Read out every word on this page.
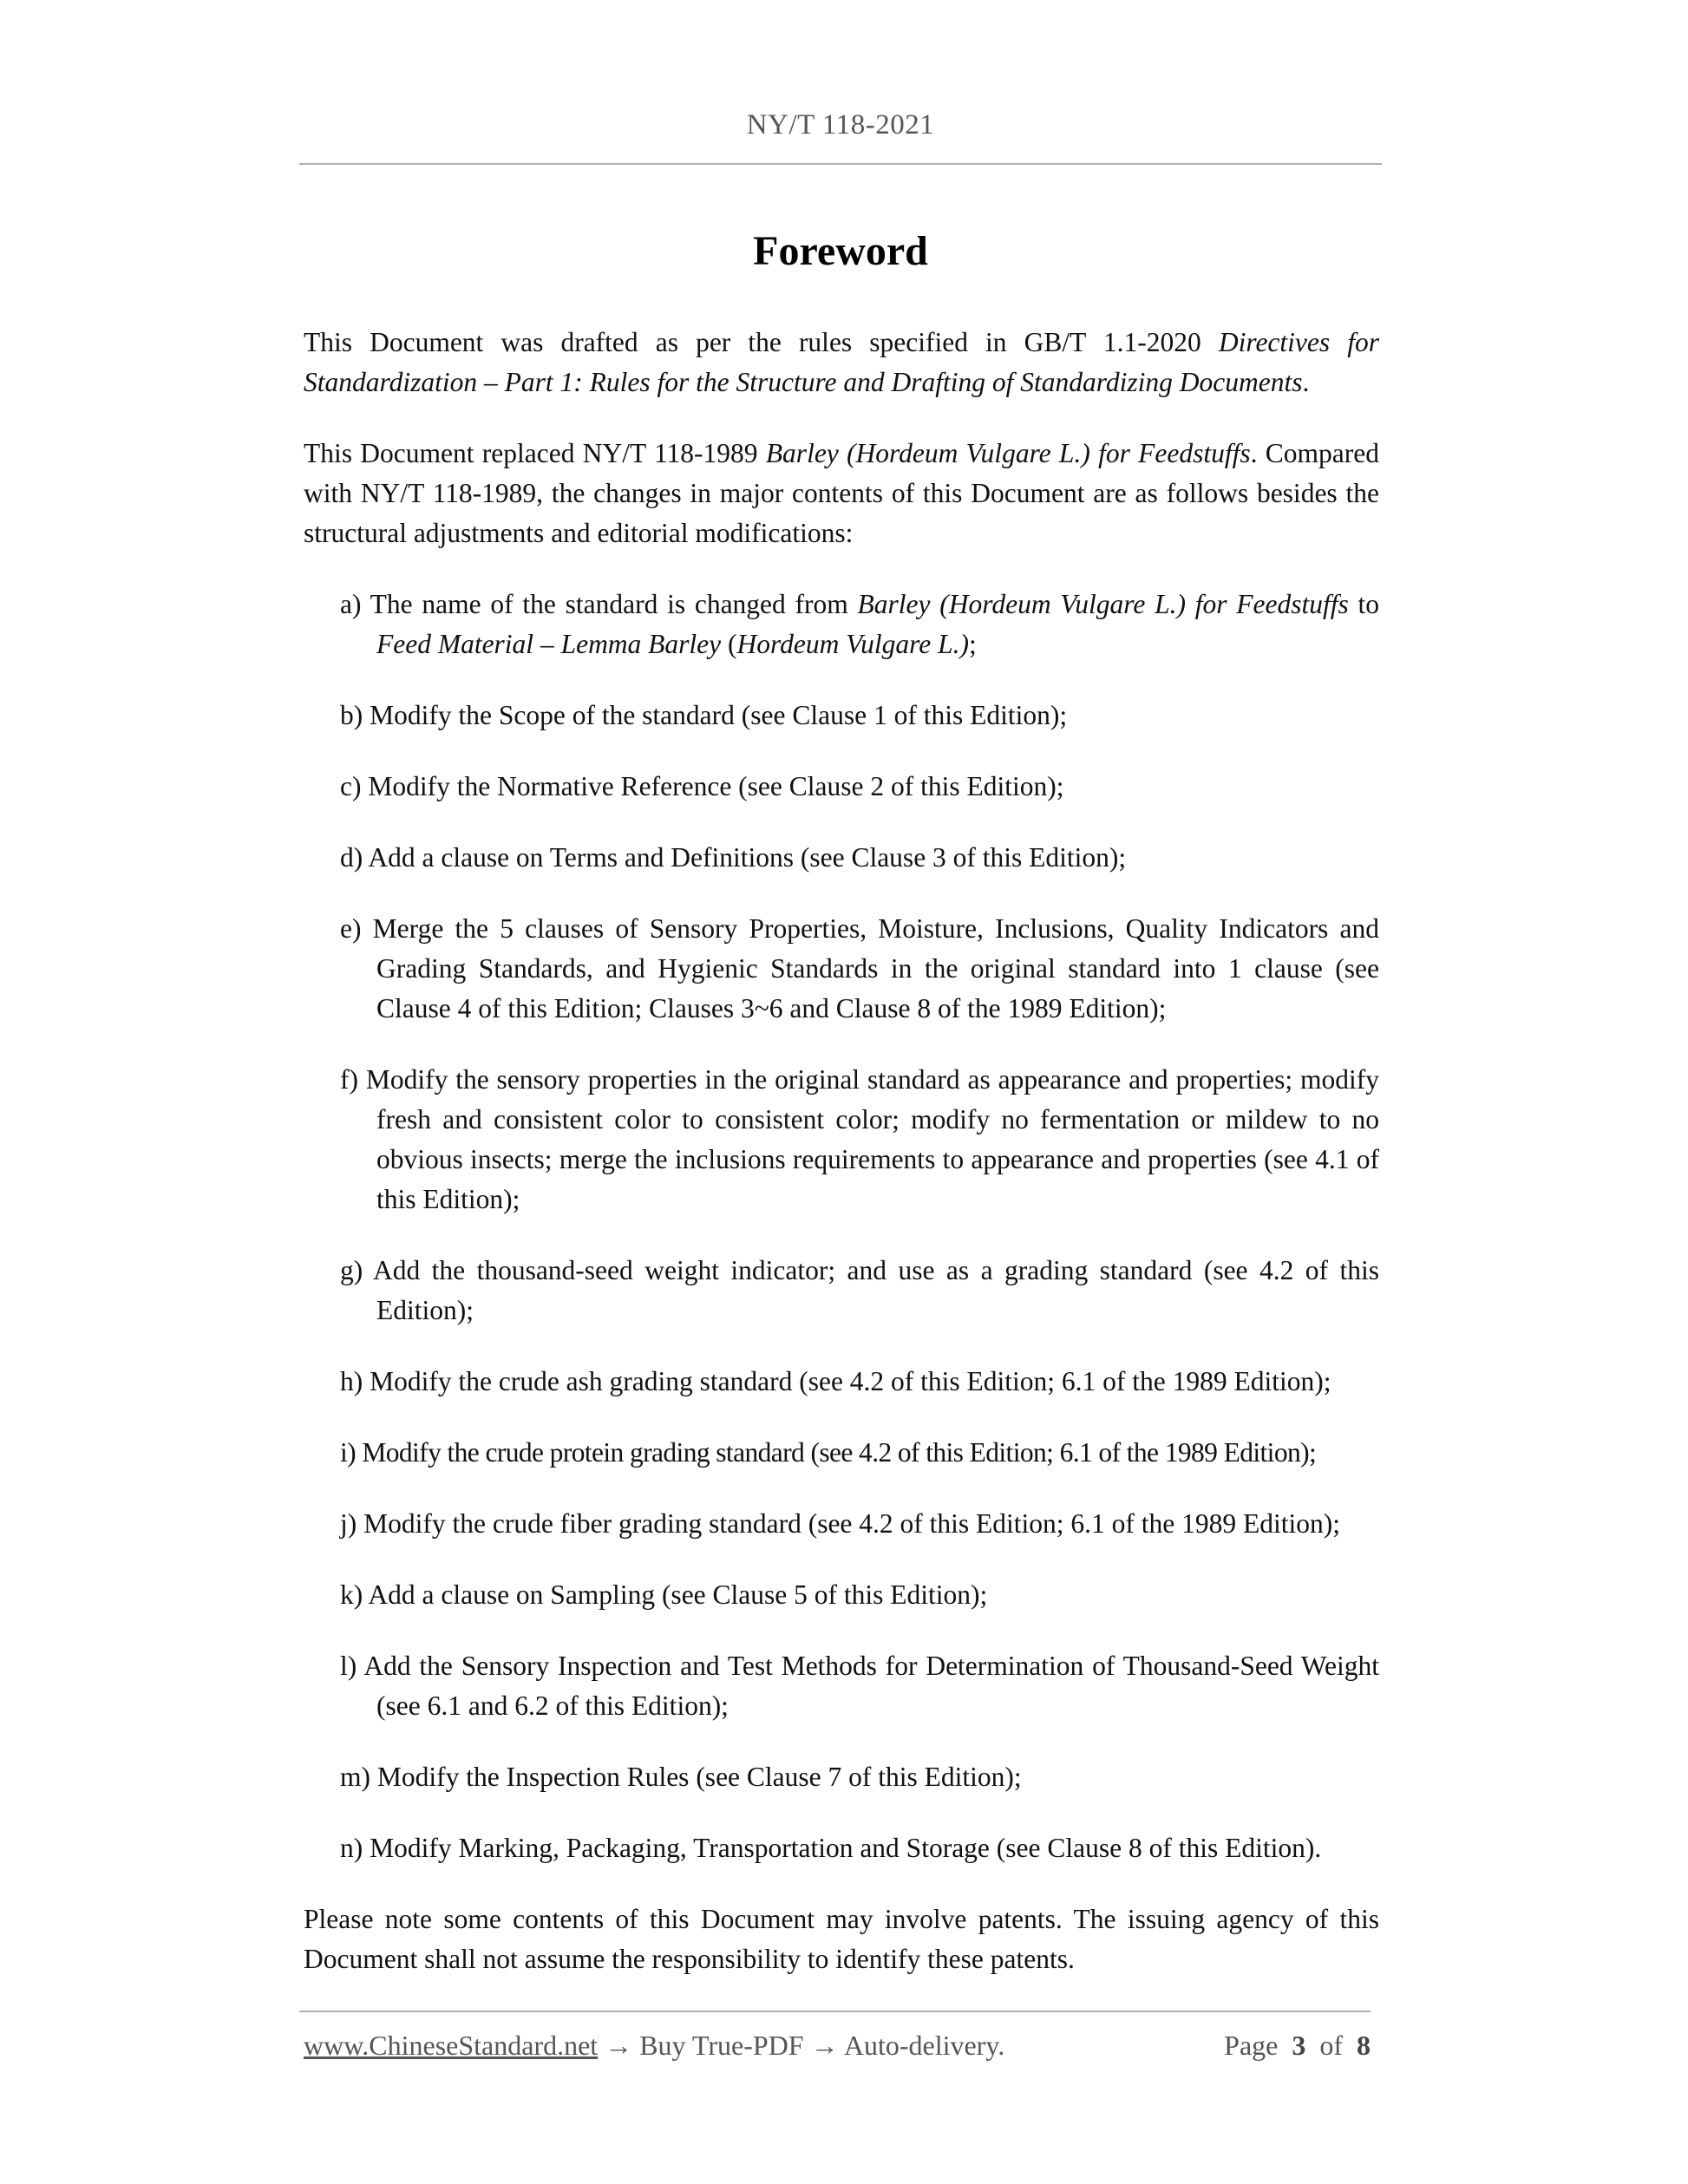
NY/T 118-2021
Foreword

This Document was drafted as per the rules specified in GB/T 1.1-2020 Directives for Standardization – Part 1: Rules for the Structure and Drafting of Standardizing Documents.

This Document replaced NY/T 118-1989 Barley (Hordeum Vulgare L.) for Feedstuffs. Compared with NY/T 118-1989, the changes in major contents of this Document are as follows besides the structural adjustments and editorial modifications:

a) The name of the standard is changed from Barley (Hordeum Vulgare L.) for Feedstuffs to Feed Material – Lemma Barley (Hordeum Vulgare L.);
b) Modify the Scope of the standard (see Clause 1 of this Edition);
c) Modify the Normative Reference (see Clause 2 of this Edition);
d) Add a clause on Terms and Definitions (see Clause 3 of this Edition);
e) Merge the 5 clauses of Sensory Properties, Moisture, Inclusions, Quality Indicators and Grading Standards, and Hygienic Standards in the original standard into 1 clause (see Clause 4 of this Edition; Clauses 3~6 and Clause 8 of the 1989 Edition);
f) Modify the sensory properties in the original standard as appearance and properties; modify fresh and consistent color to consistent color; modify no fermentation or mildew to no obvious insects; merge the inclusions requirements to appearance and properties (see 4.1 of this Edition);
g) Add the thousand-seed weight indicator; and use as a grading standard (see 4.2 of this Edition);
h) Modify the crude ash grading standard (see 4.2 of this Edition; 6.1 of the 1989 Edition);
i) Modify the crude protein grading standard (see 4.2 of this Edition; 6.1 of the 1989 Edition);
j) Modify the crude fiber grading standard (see 4.2 of this Edition; 6.1 of the 1989 Edition);
k) Add a clause on Sampling (see Clause 5 of this Edition);
l) Add the Sensory Inspection and Test Methods for Determination of Thousand-Seed Weight (see 6.1 and 6.2 of this Edition);
m) Modify the Inspection Rules (see Clause 7 of this Edition);
n) Modify Marking, Packaging, Transportation and Storage (see Clause 8 of this Edition).

Please note some contents of this Document may involve patents. The issuing agency of this Document shall not assume the responsibility to identify these patents.

www.ChineseStandard.net → Buy True-PDF → Auto-delivery.	Page 3 of 8
